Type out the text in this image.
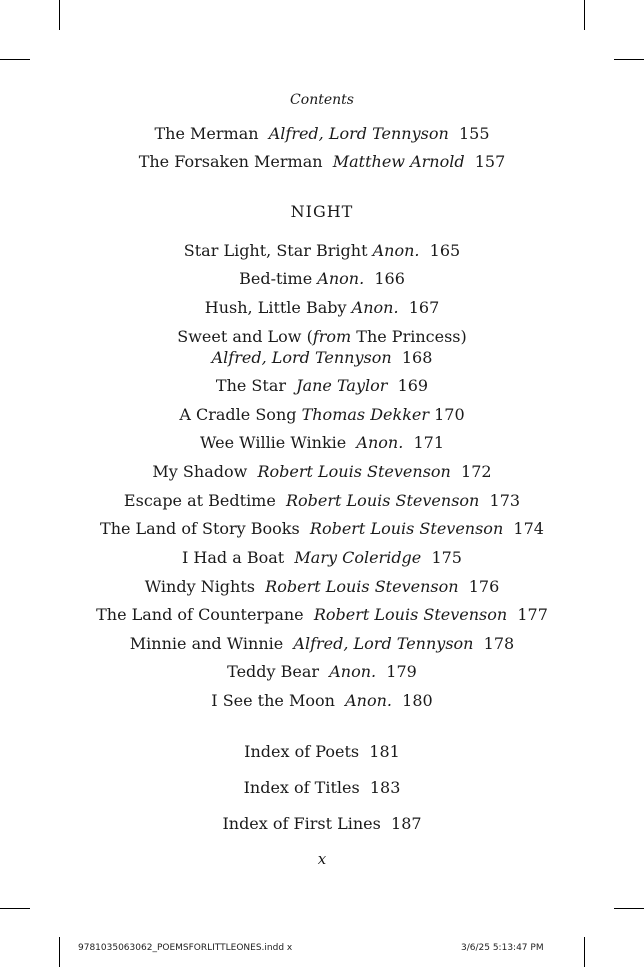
Contents
The Merman Alfred, Lord Tennyson 155
The Forsaken Merman Matthew Arnold 157
NIGHT
Star Light, Star Bright Anon. 165
Bed-time Anon. 166
Hush, Little Baby Anon. 167
Sweet and Low (from The Princess)
Alfred, Lord Tennyson 168
The Star Jane Taylor 169
A Cradle Song Thomas Dekker 170
Wee Willie Winkie Anon. 171
My Shadow Robert Louis Stevenson 172
Escape at Bedtime Robert Louis Stevenson 173
The Land of Story Books Robert Louis Stevenson 174
I Had a Boat Mary Coleridge 175
Windy Nights Robert Louis Stevenson 176
The Land of Counterpane Robert Louis Stevenson 177
Minnie and Winnie Alfred, Lord Tennyson 178
Teddy Bear Anon. 179
I See the Moon Anon. 180
Index of Poets 181
Index of Titles 183
Index of First Lines 187
x
9781035063062_POEMSFORLITTLEONES.indd x	3/6/25 5:13:47 PM
